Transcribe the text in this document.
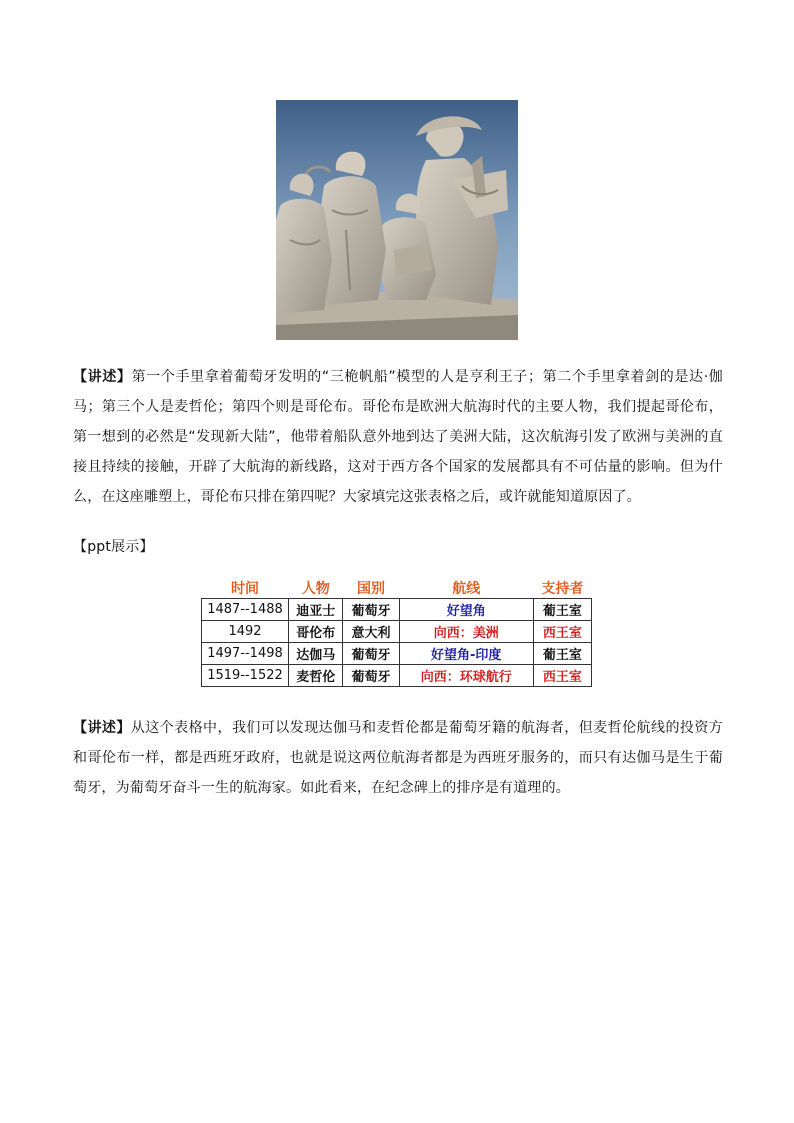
【讲述】第一个手里拿着葡萄牙发明的“三桅帆船”模型的人是亨利王子；第二个手里拿着剑的是达·伽马；第三个人是麦哲伦；第四个则是哥伦布。哥伦布是欧洲大航海时代的主要人物，我们提起哥伦布，第一想到的必然是“发现新大陆”，他带着船队意外地到达了美洲大陆，这次航海引发了欧洲与美洲的直接且持续的接触，开辟了大航海的新线路，这对于西方各个国家的发展都具有不可估量的影响。但为什么，在这座雕塑上，哥伦布只排在第四呢？大家填完这张表格之后，或许就能知道原因了。

【ppt展示】

时间	人物	国别	航线	支持者
1487--1488	迪亚士	葡萄牙	好望角	葡王室
1492	哥伦布	意大利	向西：美洲	西王室
1497--1498	达伽马	葡萄牙	好望角-印度	葡王室
1519--1522	麦哲伦	葡萄牙	向西：环球航行	西王室

【讲述】从这个表格中，我们可以发现达伽马和麦哲伦都是葡萄牙籍的航海者，但麦哲伦航线的投资方和哥伦布一样，都是西班牙政府，也就是说这两位航海者都是为西班牙服务的，而只有达伽马是生于葡萄牙，为葡萄牙奋斗一生的航海家。如此看来，在纪念碑上的排序是有道理的。
